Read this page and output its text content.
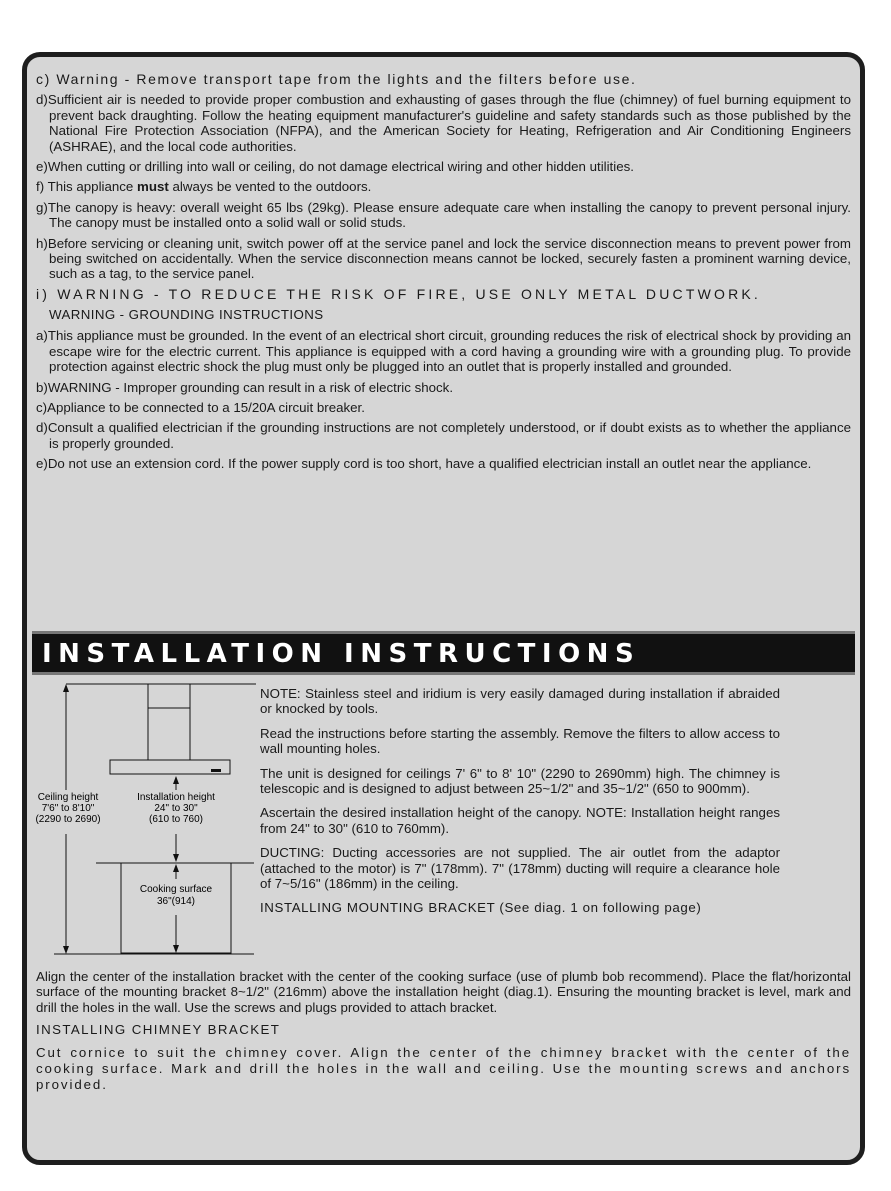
c) Warning - Remove transport tape from the lights and the filters before use.

d)Sufficient air is needed to provide proper combustion and exhausting of gases through the flue (chimney) of fuel burning equipment to prevent back draughting. Follow the heating equipment manufacturer's guideline and safety standards such as those published by the National Fire Protection Association (NFPA), and the American Society for Heating, Refrigeration and Air Conditioning Engineers (ASHRAE), and the local code authorities.

e)When cutting or drilling into wall or ceiling, do not damage electrical wiring and other hidden utilities.

f) This appliance must always be vented to the outdoors.

g)The canopy is heavy: overall weight 65 lbs (29kg). Please ensure adequate care when installing the canopy to prevent personal injury. The canopy must be installed onto a solid wall or solid studs.

h)Before servicing or cleaning unit, switch power off at the service panel and lock the service disconnection means to prevent power from being switched on accidentally. When the service disconnection means cannot be locked, securely fasten a prominent warning device, such as a tag, to the service panel.

i) WARNING - TO REDUCE THE RISK OF FIRE, USE ONLY METAL DUCTWORK.

WARNING - GROUNDING INSTRUCTIONS

a)This appliance must be grounded. In the event of an electrical short circuit, grounding reduces the risk of electrical shock by providing an escape wire for the electric current. This appliance is equipped with a cord having a grounding wire with a grounding plug. To provide protection against electric shock the plug must only be plugged into an outlet that is properly installed and grounded.

b)WARNING - Improper grounding can result in a risk of electric shock.

c)Appliance to be connected to a 15/20A circuit breaker.

d)Consult a qualified electrician if the grounding instructions are not completely understood, or if doubt exists as to whether the appliance is properly grounded.

e)Do not use an extension cord. If the power supply cord is too short, have a qualified electrician install an outlet near the appliance.

INSTALLATION INSTRUCTIONS
Ceiling height
7'6" to 8'10"
(2290 to 2690)
Installation height
24" to 30"
(610 to 760)
Cooking surface
36"(914)

NOTE: Stainless steel and iridium is very easily damaged during installation if abraided or knocked by tools.

Read the instructions before starting the assembly. Remove the filters to allow access to wall mounting holes.

The unit is designed for ceilings 7' 6" to 8' 10" (2290 to 2690mm) high. The chimney is telescopic and is designed to adjust between 25~1/2" and 35~1/2" (650 to 900mm).

Ascertain the desired installation height of the canopy. NOTE: Installation height ranges from 24" to 30" (610 to 760mm).

DUCTING: Ducting accessories are not supplied. The air outlet from the adaptor (attached to the motor) is 7" (178mm). 7" (178mm) ducting will require a clearance hole of 7~5/16" (186mm) in the ceiling.

INSTALLING MOUNTING BRACKET (See diag. 1 on following page)

Align the center of the installation bracket with the center of the cooking surface (use of plumb bob recommend). Place the flat/horizontal surface of the mounting bracket 8~1/2" (216mm) above the installation height (diag.1). Ensuring the mounting bracket is level, mark and drill the holes in the wall. Use the screws and plugs provided to attach bracket.

INSTALLING CHIMNEY BRACKET

Cut cornice to suit the chimney cover. Align the center of the chimney bracket with the center of the cooking surface. Mark and drill the holes in the wall and ceiling. Use the mounting screws and anchors provided.
